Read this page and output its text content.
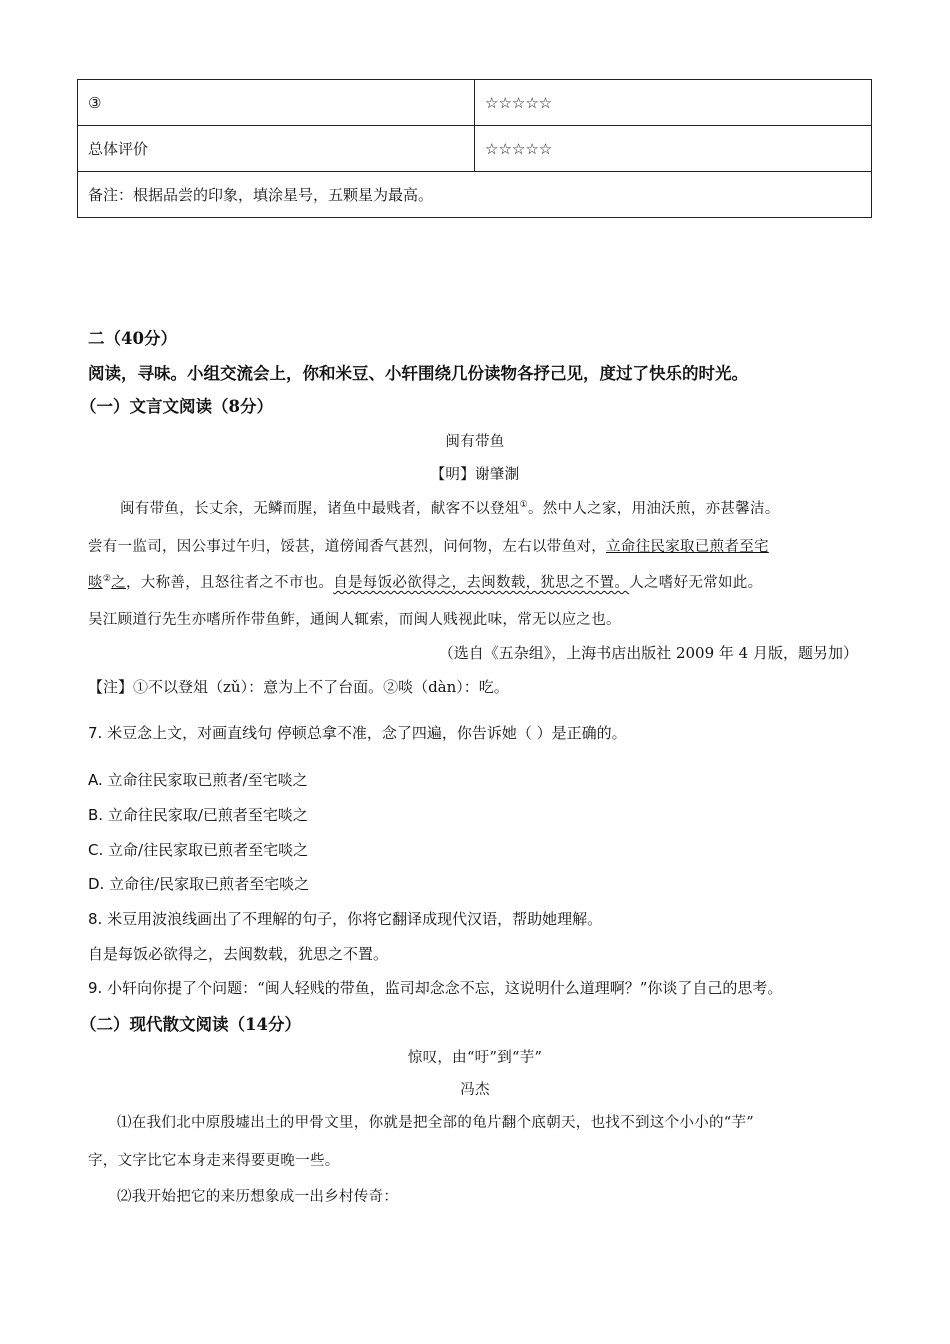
③	☆☆☆☆☆
总体评价	☆☆☆☆☆
备注：根据品尝的印象，填涂星号，五颗星为最高。	
二（40分）
阅读，寻味。小组交流会上，你和米豆、小轩围绕几份读物各抒己见，度过了快乐的时光。
（一）文言文阅读（8分）
闽有带鱼
【明】谢肇淛
闽有带鱼，长丈余，无鳞而腥，诸鱼中最贱者，献客不以登俎①。然中人之家，用油沃煎，亦甚馨洁。
尝有一监司，因公事过午归，馁甚，道傍闻香气甚烈，问何物，左右以带鱼对，立命往民家取已煎者至宅
啖②之，大称善，且怒往者之不市也。自是每饭必欲得之，去闽数载，犹思之不置。人之嗜好无常如此。
吴江顾道行先生亦嗜所作带鱼鲊，通闽人辄索，而闽人贱视此味，常无以应之也。
（选自《五杂组》，上海书店出版社 2009 年 4 月版，题另加）
【注】①不以登俎（zǔ）：意为上不了台面。②啖（dàn）：吃。
7. 米豆念上文，对画直线句 停顿总拿不准，念了四遍，你告诉她（ ）是正确的。
A. 立命往民家取已煎者/至宅啖之
B. 立命往民家取/已煎者至宅啖之
C. 立命/往民家取已煎者至宅啖之
D. 立命往/民家取已煎者至宅啖之
8. 米豆用波浪线画出了不理解的句子，你将它翻译成现代汉语，帮助她理解。
自是每饭必欲得之，去闽数载，犹思之不置。
9. 小轩向你提了个问题：“闽人轻贱的带鱼，监司却念念不忘，这说明什么道理啊？”你谈了自己的思考。
（二）现代散文阅读（14分）
惊叹，由“吁”到“芋”
冯杰
⑴在我们北中原殷墟出土的甲骨文里，你就是把全部的龟片翻个底朝天，也找不到这个小小的“芋”
字，文字比它本身走来得要更晚一些。
⑵我开始把它的来历想象成一出乡村传奇：
